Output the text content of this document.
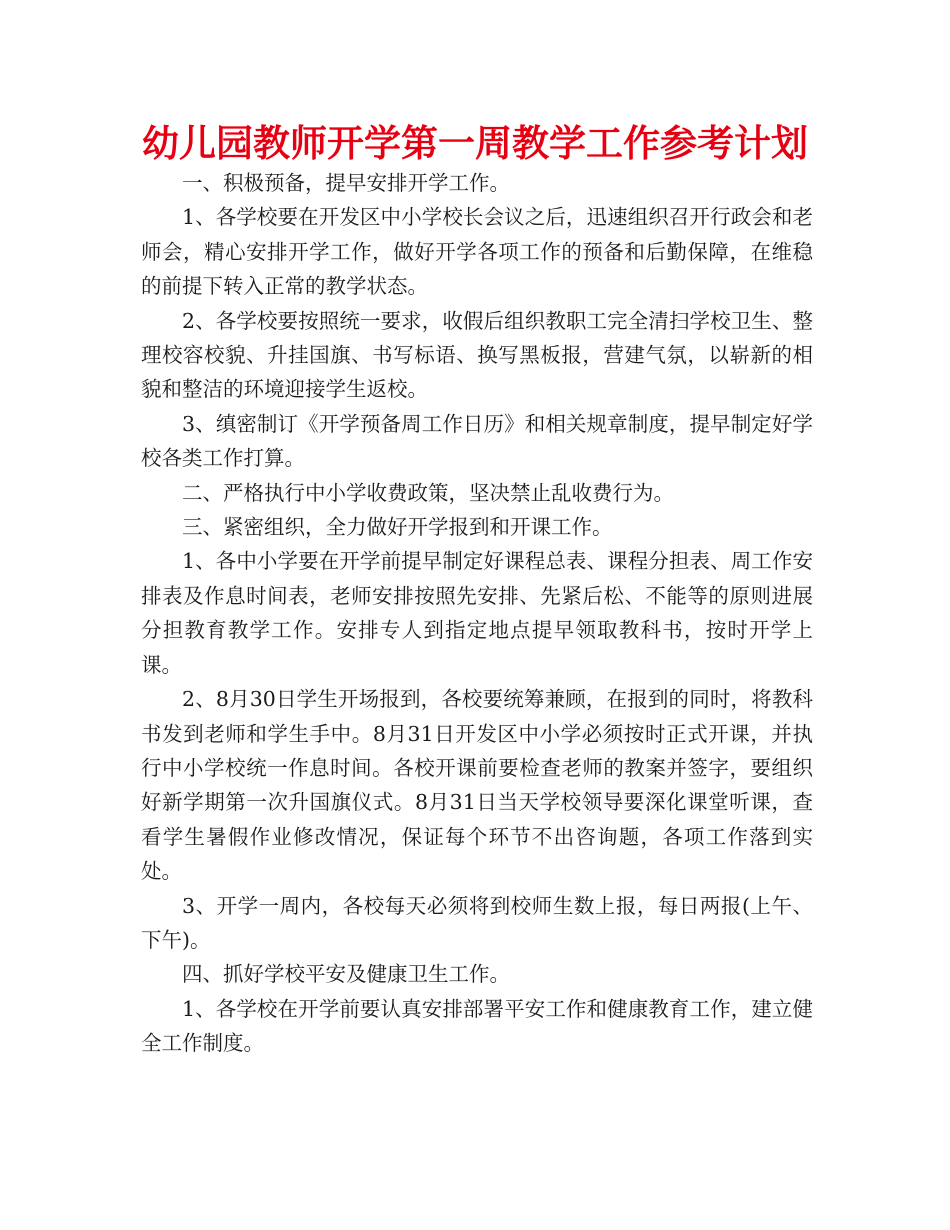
幼儿园教师开学第一周教学工作参考计划

一、积极预备，提早安排开学工作。

1、各学校要在开发区中小学校长会议之后，迅速组织召开行政会和老师会，精心安排开学工作，做好开学各项工作的预备和后勤保障，在维稳的前提下转入正常的教学状态。

2、各学校要按照统一要求，收假后组织教职工完全清扫学校卫生、整理校容校貌、升挂国旗、书写标语、换写黑板报，营建气氛，以崭新的相貌和整洁的环境迎接学生返校。

3、缜密制订《开学预备周工作日历》和相关规章制度，提早制定好学校各类工作打算。

二、严格执行中小学收费政策，坚决禁止乱收费行为。

三、紧密组织，全力做好开学报到和开课工作。

1、各中小学要在开学前提早制定好课程总表、课程分担表、周工作安排表及作息时间表，老师安排按照先安排、先紧后松、不能等的原则进展分担教育教学工作。安排专人到指定地点提早领取教科书，按时开学上课。

2、8月30日学生开场报到，各校要统筹兼顾，在报到的同时，将教科书发到老师和学生手中。8月31日开发区中小学必须按时正式开课，并执行中小学校统一作息时间。各校开课前要检查老师的教案并签字，要组织好新学期第一次升国旗仪式。8月31日当天学校领导要深化课堂听课，查看学生暑假作业修改情况，保证每个环节不出咨询题，各项工作落到实处。

3、开学一周内，各校每天必须将到校师生数上报，每日两报(上午、下午)。

四、抓好学校平安及健康卫生工作。

1、各学校在开学前要认真安排部署平安工作和健康教育工作，建立健全工作制度。
